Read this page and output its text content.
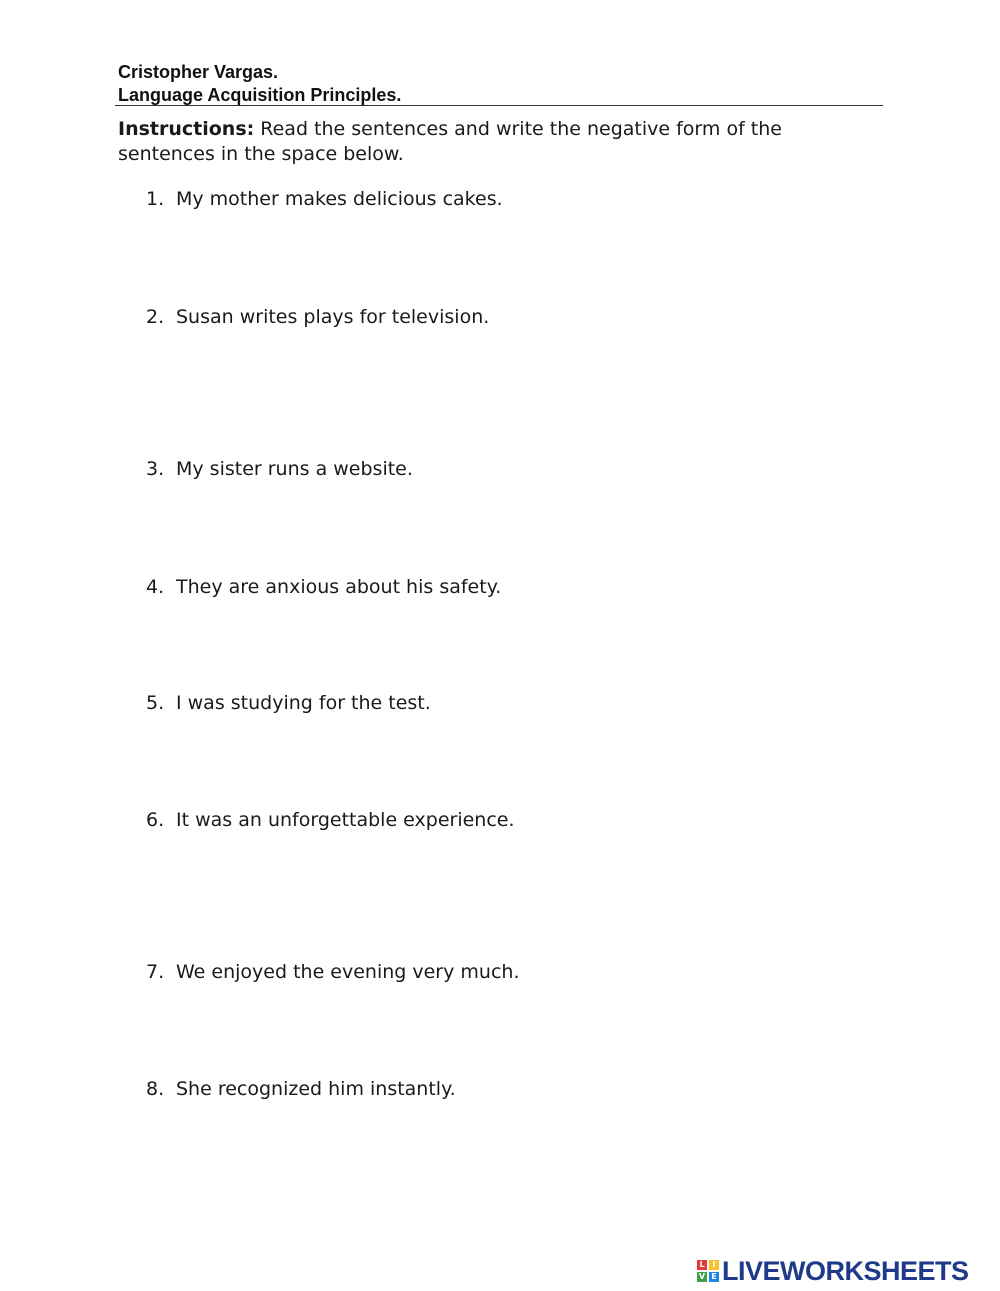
Cristopher Vargas.
Language Acquisition Principles.
Instructions: Read the sentences and write the negative form of the sentences in the space below.
1. My mother makes delicious cakes.
2. Susan writes plays for television.
3. My sister runs a website.
4. They are anxious about his safety.
5. I was studying for the test.
6. It was an unforgettable experience.
7. We enjoyed the evening very much.
8. She recognized him instantly.
L I
V E LIVEWORKSHEETS
